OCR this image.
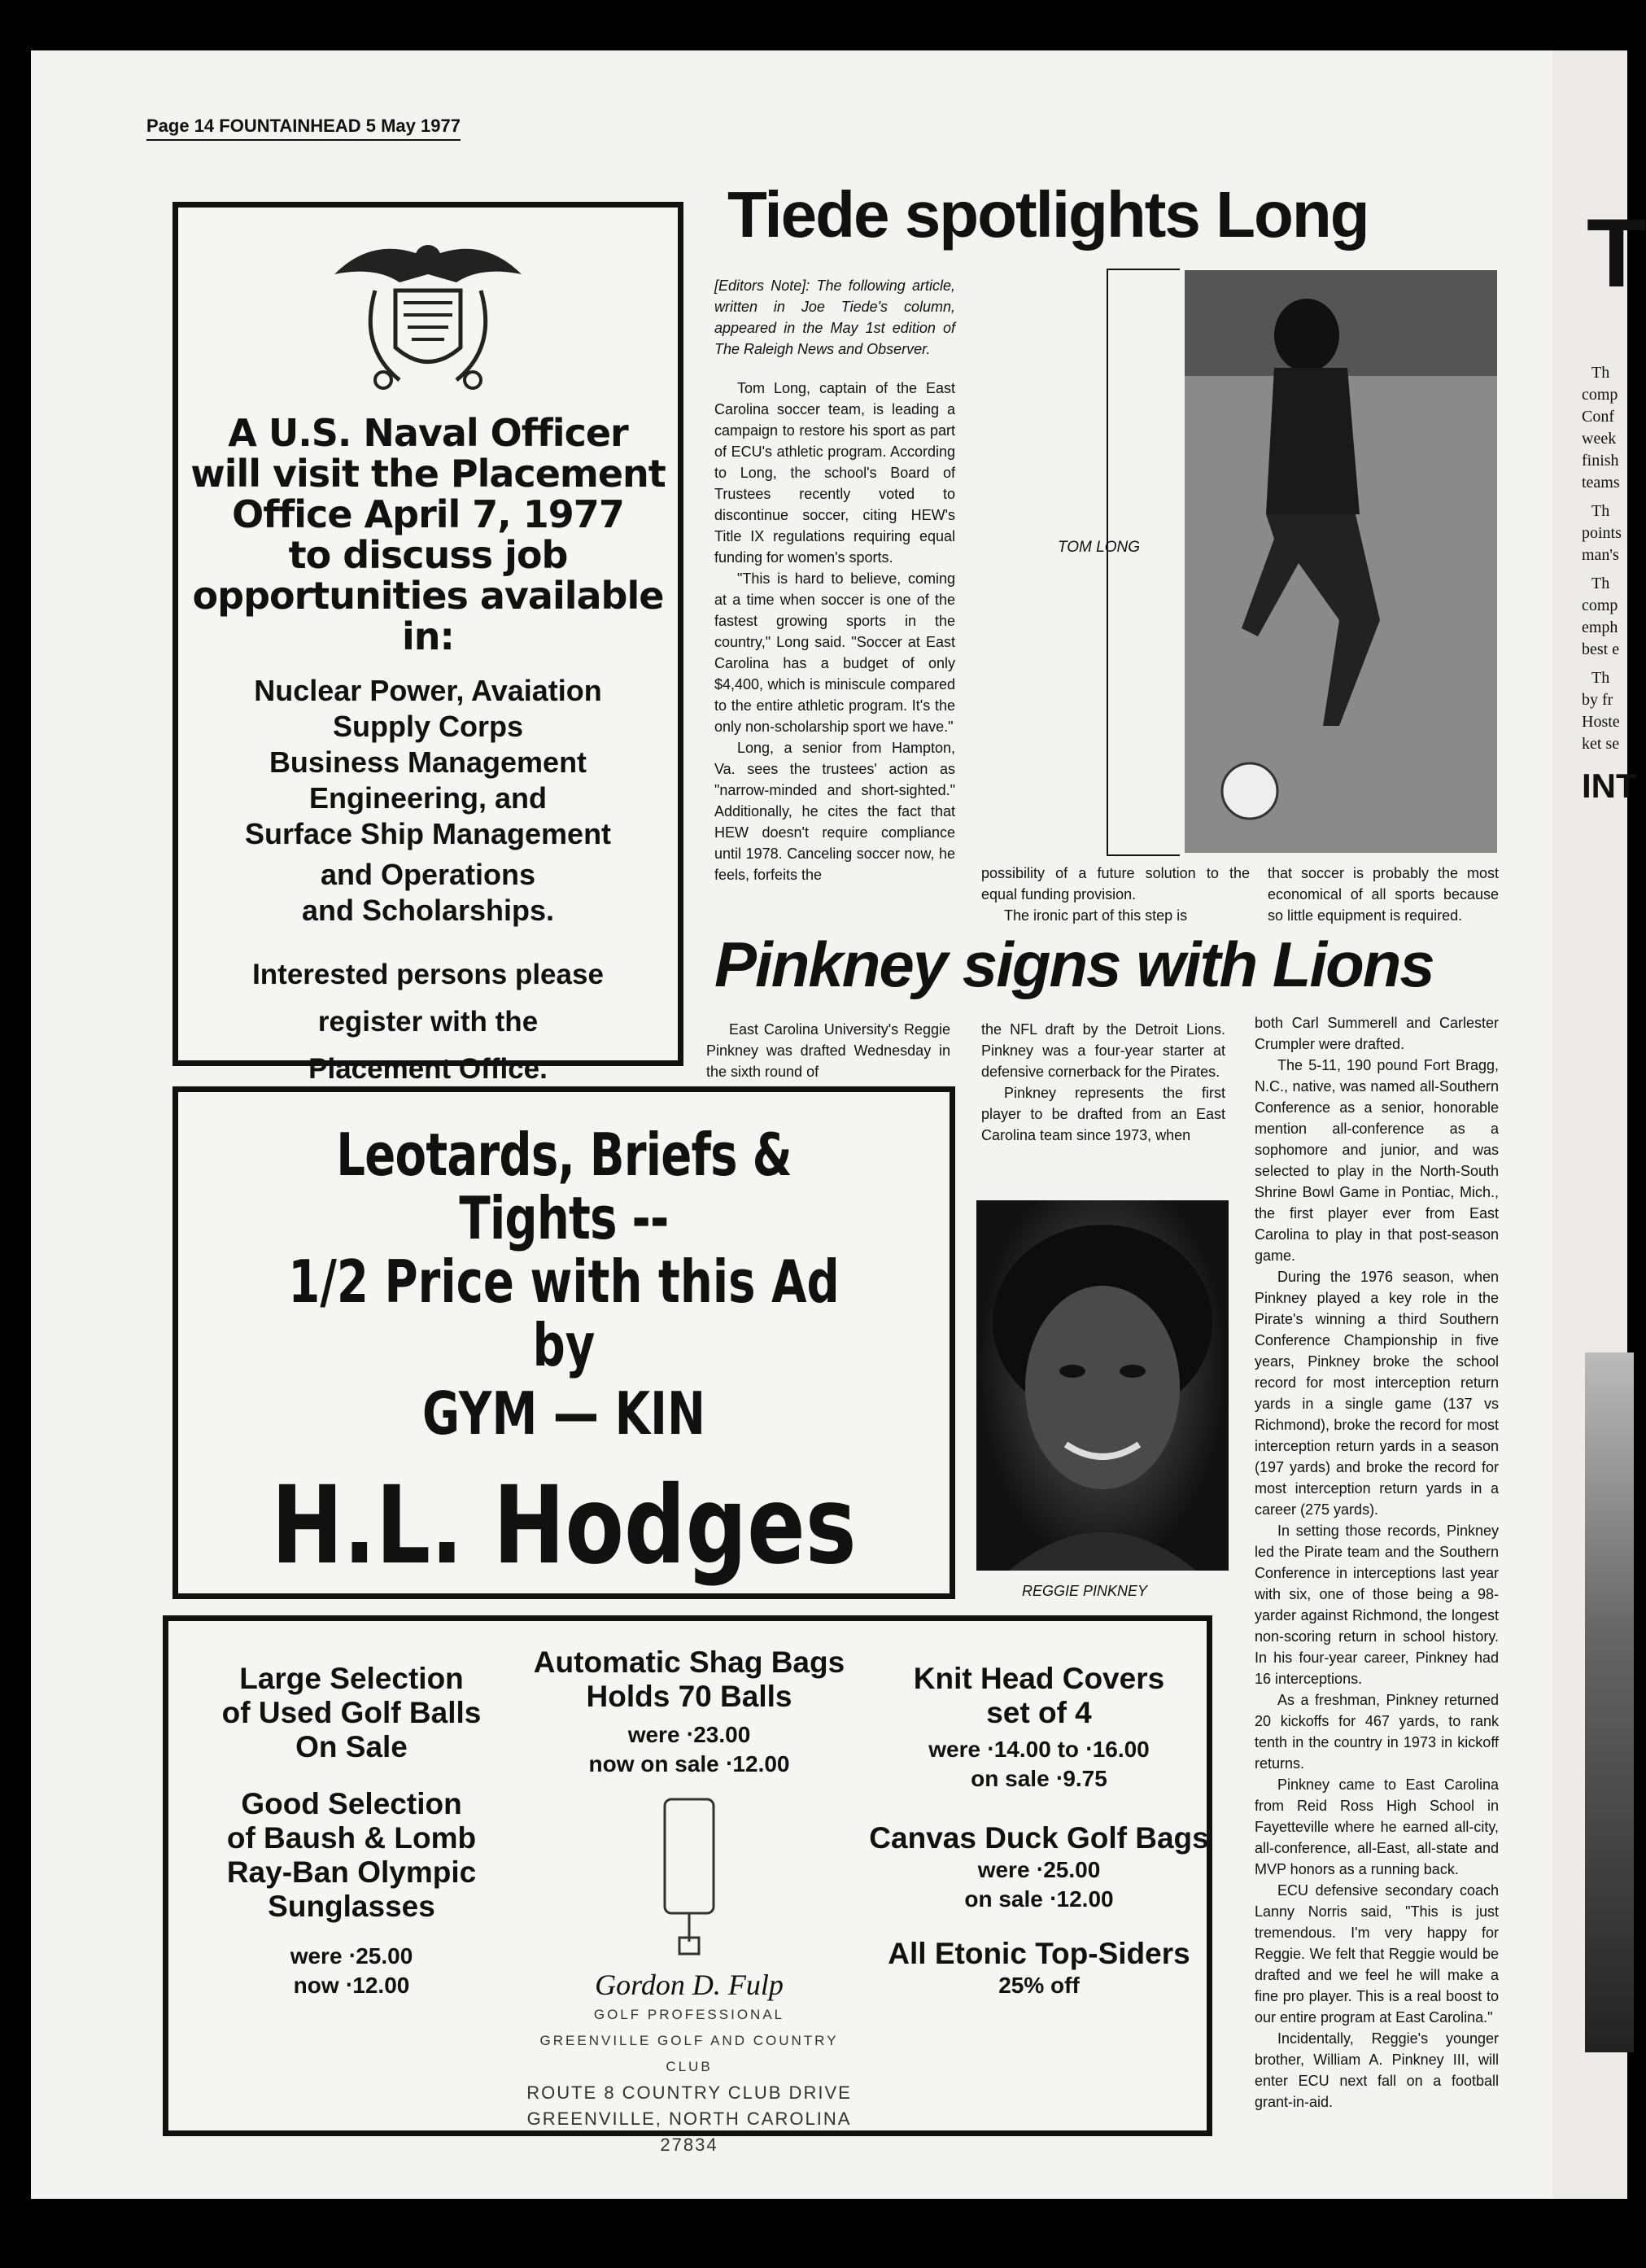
Page 14 FOUNTAINHEAD 5 May 1977
A U.S. Naval Officer
will visit the Placement
Office April 7, 1977
to discuss job
opportunities available
in:
Nuclear Power, Avaiation
Supply Corps
Business Management
Engineering, and
Surface Ship Management
and Operations
and Scholarships.
Interested persons please
register with the
Placement Office.
Leotards, Briefs & Tights --
1/2 Price with this Ad
by
GYM — KIN
H.L. Hodges
Large Selection
of Used Golf Balls
On Sale
Good Selection
of Baush & Lomb
Ray-Ban Olympic
Sunglasses
were ‧25.00
now ‧12.00
Automatic Shag Bags
Holds 70 Balls
were ‧23.00
now on sale ‧12.00
Gordon D. Fulp
GOLF PROFESSIONAL
GREENVILLE GOLF AND COUNTRY CLUB
ROUTE 8 COUNTRY CLUB DRIVE
GREENVILLE, NORTH CAROLINA 27834
Knit Head Covers
set of 4
were ‧14.00 to ‧16.00
on sale ‧9.75
Canvas Duck Golf Bags
were ‧25.00
on sale ‧12.00
All Etonic Top-Siders
25% off
Tiede spotlights Long

[Editors Note]: The following article, written in Joe Tiede's column, appeared in the May 1st edition of The Raleigh News and Observer.

Tom Long, captain of the East Carolina soccer team, is leading a campaign to restore his sport as part of ECU's athletic program. According to Long, the school's Board of Trustees recently voted to discontinue soccer, citing HEW's Title IX regulations requiring equal funding for women's sports.

"This is hard to believe, coming at a time when soccer is one of the fastest growing sports in the country," Long said. "Soccer at East Carolina has a budget of only $4,400, which is miniscule compared to the entire athletic program. It's the only non-scholarship sport we have."

Long, a senior from Hampton, Va. sees the trustees' action as "narrow-minded and short-sighted." Additionally, he cites the fact that HEW doesn't require compliance until 1978. Canceling soccer now, he feels, forfeits the

TOM LONG

possibility of a future solution to the equal funding provision.

The ironic part of this step is

that soccer is probably the most economical of all sports because so little equipment is required.

Pinkney signs with Lions

East Carolina University's Reggie Pinkney was drafted Wednesday in the sixth round of

the NFL draft by the Detroit Lions. Pinkney was a four-year starter at defensive cornerback for the Pirates.

Pinkney represents the first player to be drafted from an East Carolina team since 1973, when

REGGIE PINKNEY

both Carl Summerell and Carlester Crumpler were drafted.

The 5-11, 190 pound Fort Bragg, N.C., native, was named all-Southern Conference as a senior, honorable mention all-conference as a sophomore and junior, and was selected to play in the North-South Shrine Bowl Game in Pontiac, Mich., the first player ever from East Carolina to play in that post-season game.

During the 1976 season, when Pinkney played a key role in the Pirate's winning a third Southern Conference Championship in five years, Pinkney broke the school record for most interception return yards in a single game (137 vs Richmond), broke the record for most interception return yards in a season (197 yards) and broke the record for most interception return yards in a career (275 yards).

In setting those records, Pinkney led the Pirate team and the Southern Conference in interceptions last year with six, one of those being a 98-yarder against Richmond, the longest non-scoring return in school history. In his four-year career, Pinkney had 16 interceptions.

As a freshman, Pinkney returned 20 kickoffs for 467 yards, to rank tenth in the country in 1973 in kickoff returns.

Pinkney came to East Carolina from Reid Ross High School in Fayetteville where he earned all-city, all-conference, all-East, all-state and MVP honors as a running back.

ECU defensive secondary coach Lanny Norris said, "This is just tremendous. I'm very happy for Reggie. We felt that Reggie would be drafted and we feel he will make a fine pro player. This is a real boost to our entire program at East Carolina."

Incidentally, Reggie's younger brother, William A. Pinkney III, will enter ECU next fall on a football grant-in-aid.

T
Th
comp
Conf
week
finish
teams
Th
points
man's
Th
comp
emph
best e
Th
by fr
Hoste
ket se
INT
